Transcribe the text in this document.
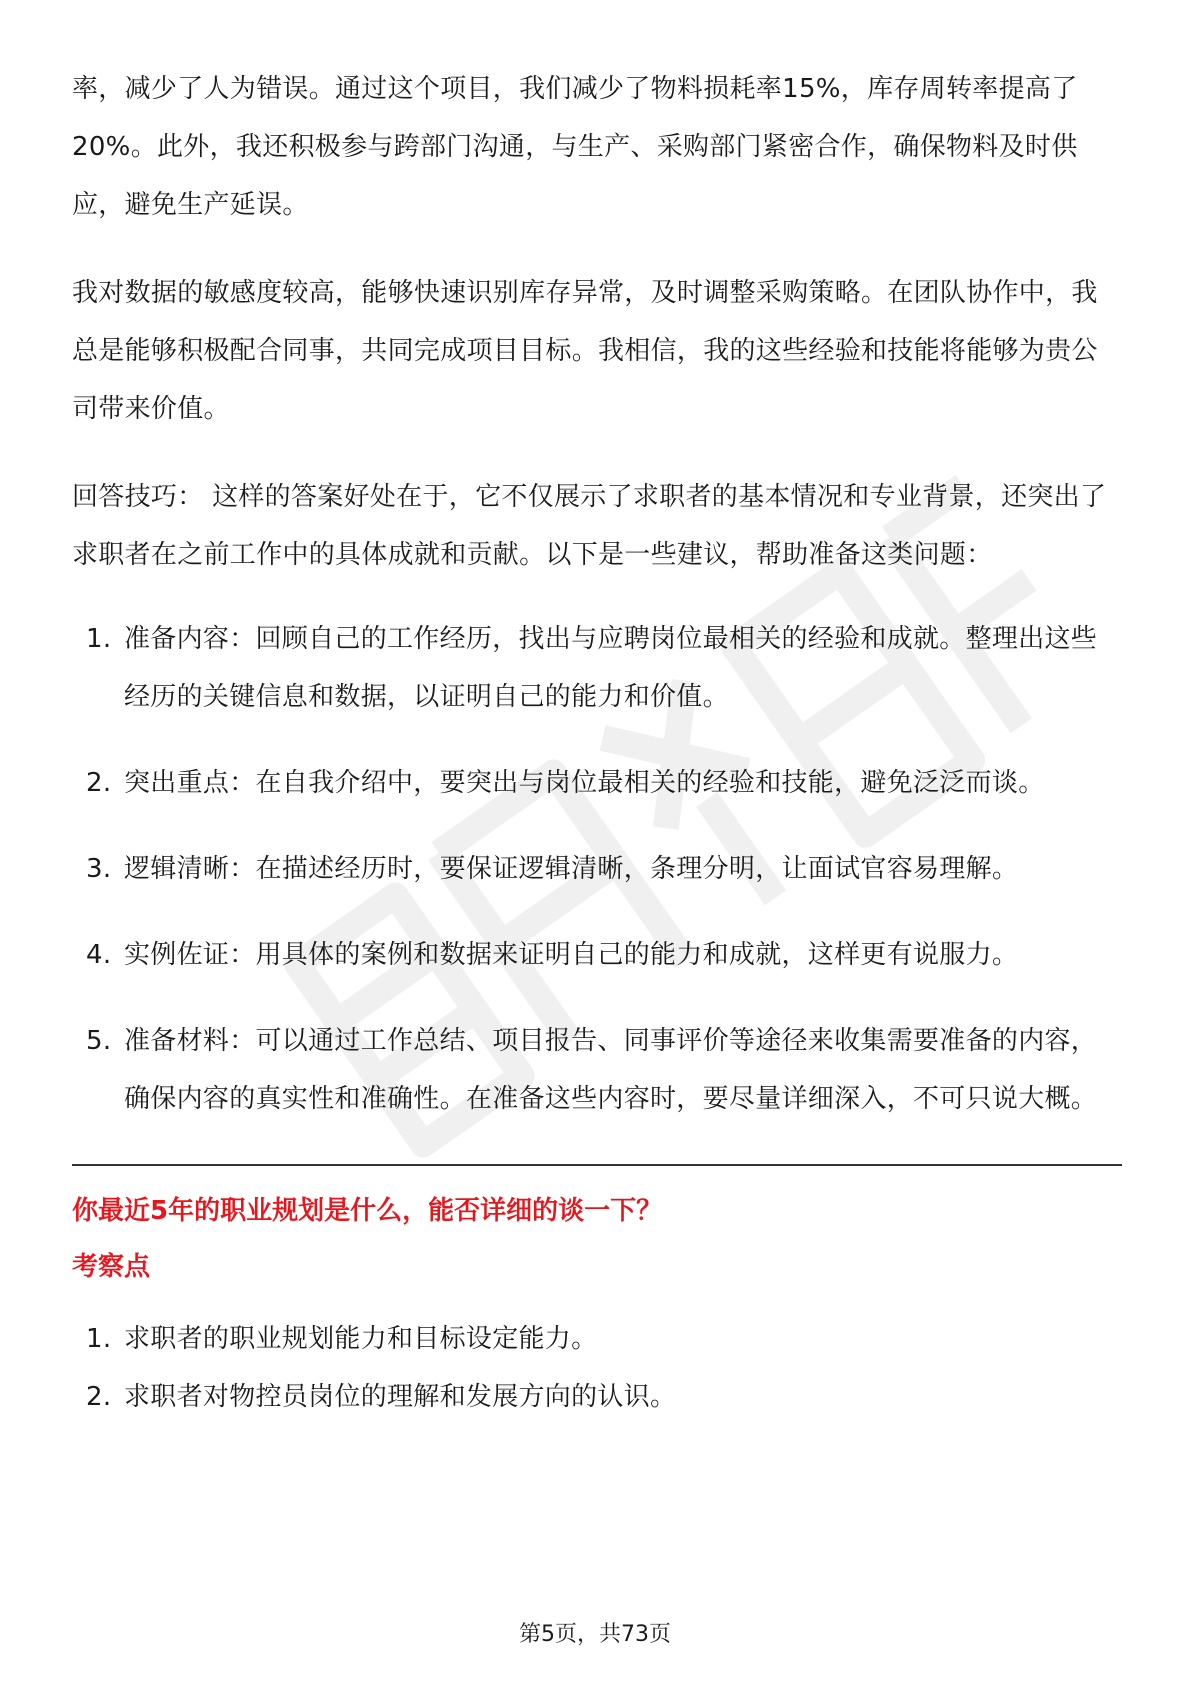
率，减少了人为错误。通过这个项目，我们减少了物料损耗率15%，库存周转率提高了20%。此外，我还积极参与跨部门沟通，与生产、采购部门紧密合作，确保物料及时供应，避免生产延误。

我对数据的敏感度较高，能够快速识别库存异常，及时调整采购策略。在团队协作中，我总是能够积极配合同事，共同完成项目目标。我相信，我的这些经验和技能将能够为贵公司带来价值。

回答技巧： 这样的答案好处在于，它不仅展示了求职者的基本情况和专业背景，还突出了求职者在之前工作中的具体成就和贡献。以下是一些建议，帮助准备这类问题：

1. 准备内容：回顾自己的工作经历，找出与应聘岗位最相关的经验和成就。整理出这些经历的关键信息和数据，以证明自己的能力和价值。
2. 突出重点：在自我介绍中，要突出与岗位最相关的经验和技能，避免泛泛而谈。
3. 逻辑清晰：在描述经历时，要保证逻辑清晰，条理分明，让面试官容易理解。
4. 实例佐证：用具体的案例和数据来证明自己的能力和成就，这样更有说服力。
5. 准备材料：可以通过工作总结、项目报告、同事评价等途径来收集需要准备的内容，确保内容的真实性和准确性。在准备这些内容时，要尽量详细深入，不可只说大概。

你最近5年的职业规划是什么，能否详细的谈一下？

考察点

1. 求职者的职业规划能力和目标设定能力。
2. 求职者对物控员岗位的理解和发展方向的认识。
第5页，共73页
